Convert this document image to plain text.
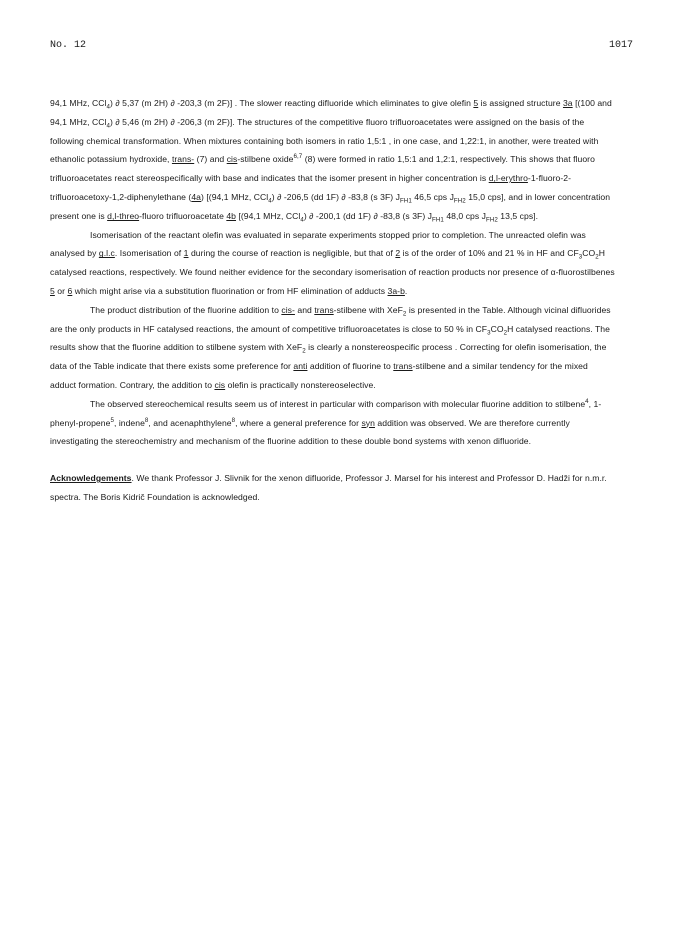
No. 12	1017

94,1 MHz, CCl$_4$) ∂ 5,37 (m 2H) ∂ -203,3 (m 2F)] . The slower reacting difluoride which eliminates to give olefin 5 is assigned structure 3a [(100 and 94,1 MHz, CCl$_4$) ∂ 5,46 (m 2H) ∂ -206,3 (m 2F)]. The structures of the competitive fluoro trifluoroacetates were assigned on the basis of the following chemical transformation. When mixtures containing both isomers in ratio 1,5:1 , in one case, and 1,22:1, in another, were treated with ethanolic potassium hydroxide, trans- (7) and cis-stilbene oxide$^{6,7}$ (8) were formed in ratio 1,5:1 and 1,2:1, respectively. This shows that fluoro trifluoroacetates react stereospecifically with base and indicates that the isomer present in higher concentration is d,l-erythro-1-fluoro-2-trifluoroacetoxy-1,2-diphenylethane (4a) [(94,1 MHz, CCl$_4$) ∂ -206,5 (dd 1F) ∂ -83,8 (s 3F) $J_{FH1}$ 46,5 cps $J_{FH2}$ 15,0 cps], and in lower concentration present one is d,l-threo-fluoro trifluoroacetate 4b [(94,1 MHz, CCl$_4$) ∂ -200,1 (dd 1F) ∂ -83,8 (s 3F) $J_{FH1}$ 48,0 cps $J_{FH2}$ 13,5 cps].

Isomerisation of the reactant olefin was evaluated in separate experiments stopped prior to completion. The unreacted olefin was analysed by g.l.c. Isomerisation of 1 during the course of reaction is negligible, but that of 2 is of the order of 10% and 21 % in HF and $CF_3CO_2H$ catalysed reactions, respectively. We found neither evidence for the secondary isomerisation of reaction products nor presence of α-fluorostilbenes 5 or 6 which might arise via a substitution fluorination or from HF elimination of adducts 3a-b.

The product distribution of the fluorine addition to cis- and trans-stilbene with XeF$_2$ is presented in the Table. Although vicinal difluorides are the only products in HF catalysed reactions, the amount of competitive trifluoroacetates is close to 50 % in $CF_3CO_2H$ catalysed reactions. The results show that the fluorine addition to stilbene system with XeF$_2$ is clearly a nonstereospecific process . Correcting for olefin isomerisation, the data of the Table indicate that there exists some preference for anti addition of fluorine to trans-stilbene and a similar tendency for the mixed adduct formation. Contrary, the addition to cis olefin is practically nonstereoselective.

The observed stereochemical results seem us of interest in particular with comparison with molecular fluorine addition to stilbene$^4$, 1-phenyl-propene$^5$, indene$^8$, and acenaphthylene$^8$, where a general preference for syn addition was observed. We are therefore currently investigating the stereochemistry and mechanism of the fluorine addition to these double bond systems with xenon difluoride.

Acknowledgements. We thank Professor J. Slivnik for the xenon difluoride, Professor J. Marsel for his interest and Professor D. Hadži for n.m.r. spectra. The Boris Kidrič Foundation is acknowledged.
